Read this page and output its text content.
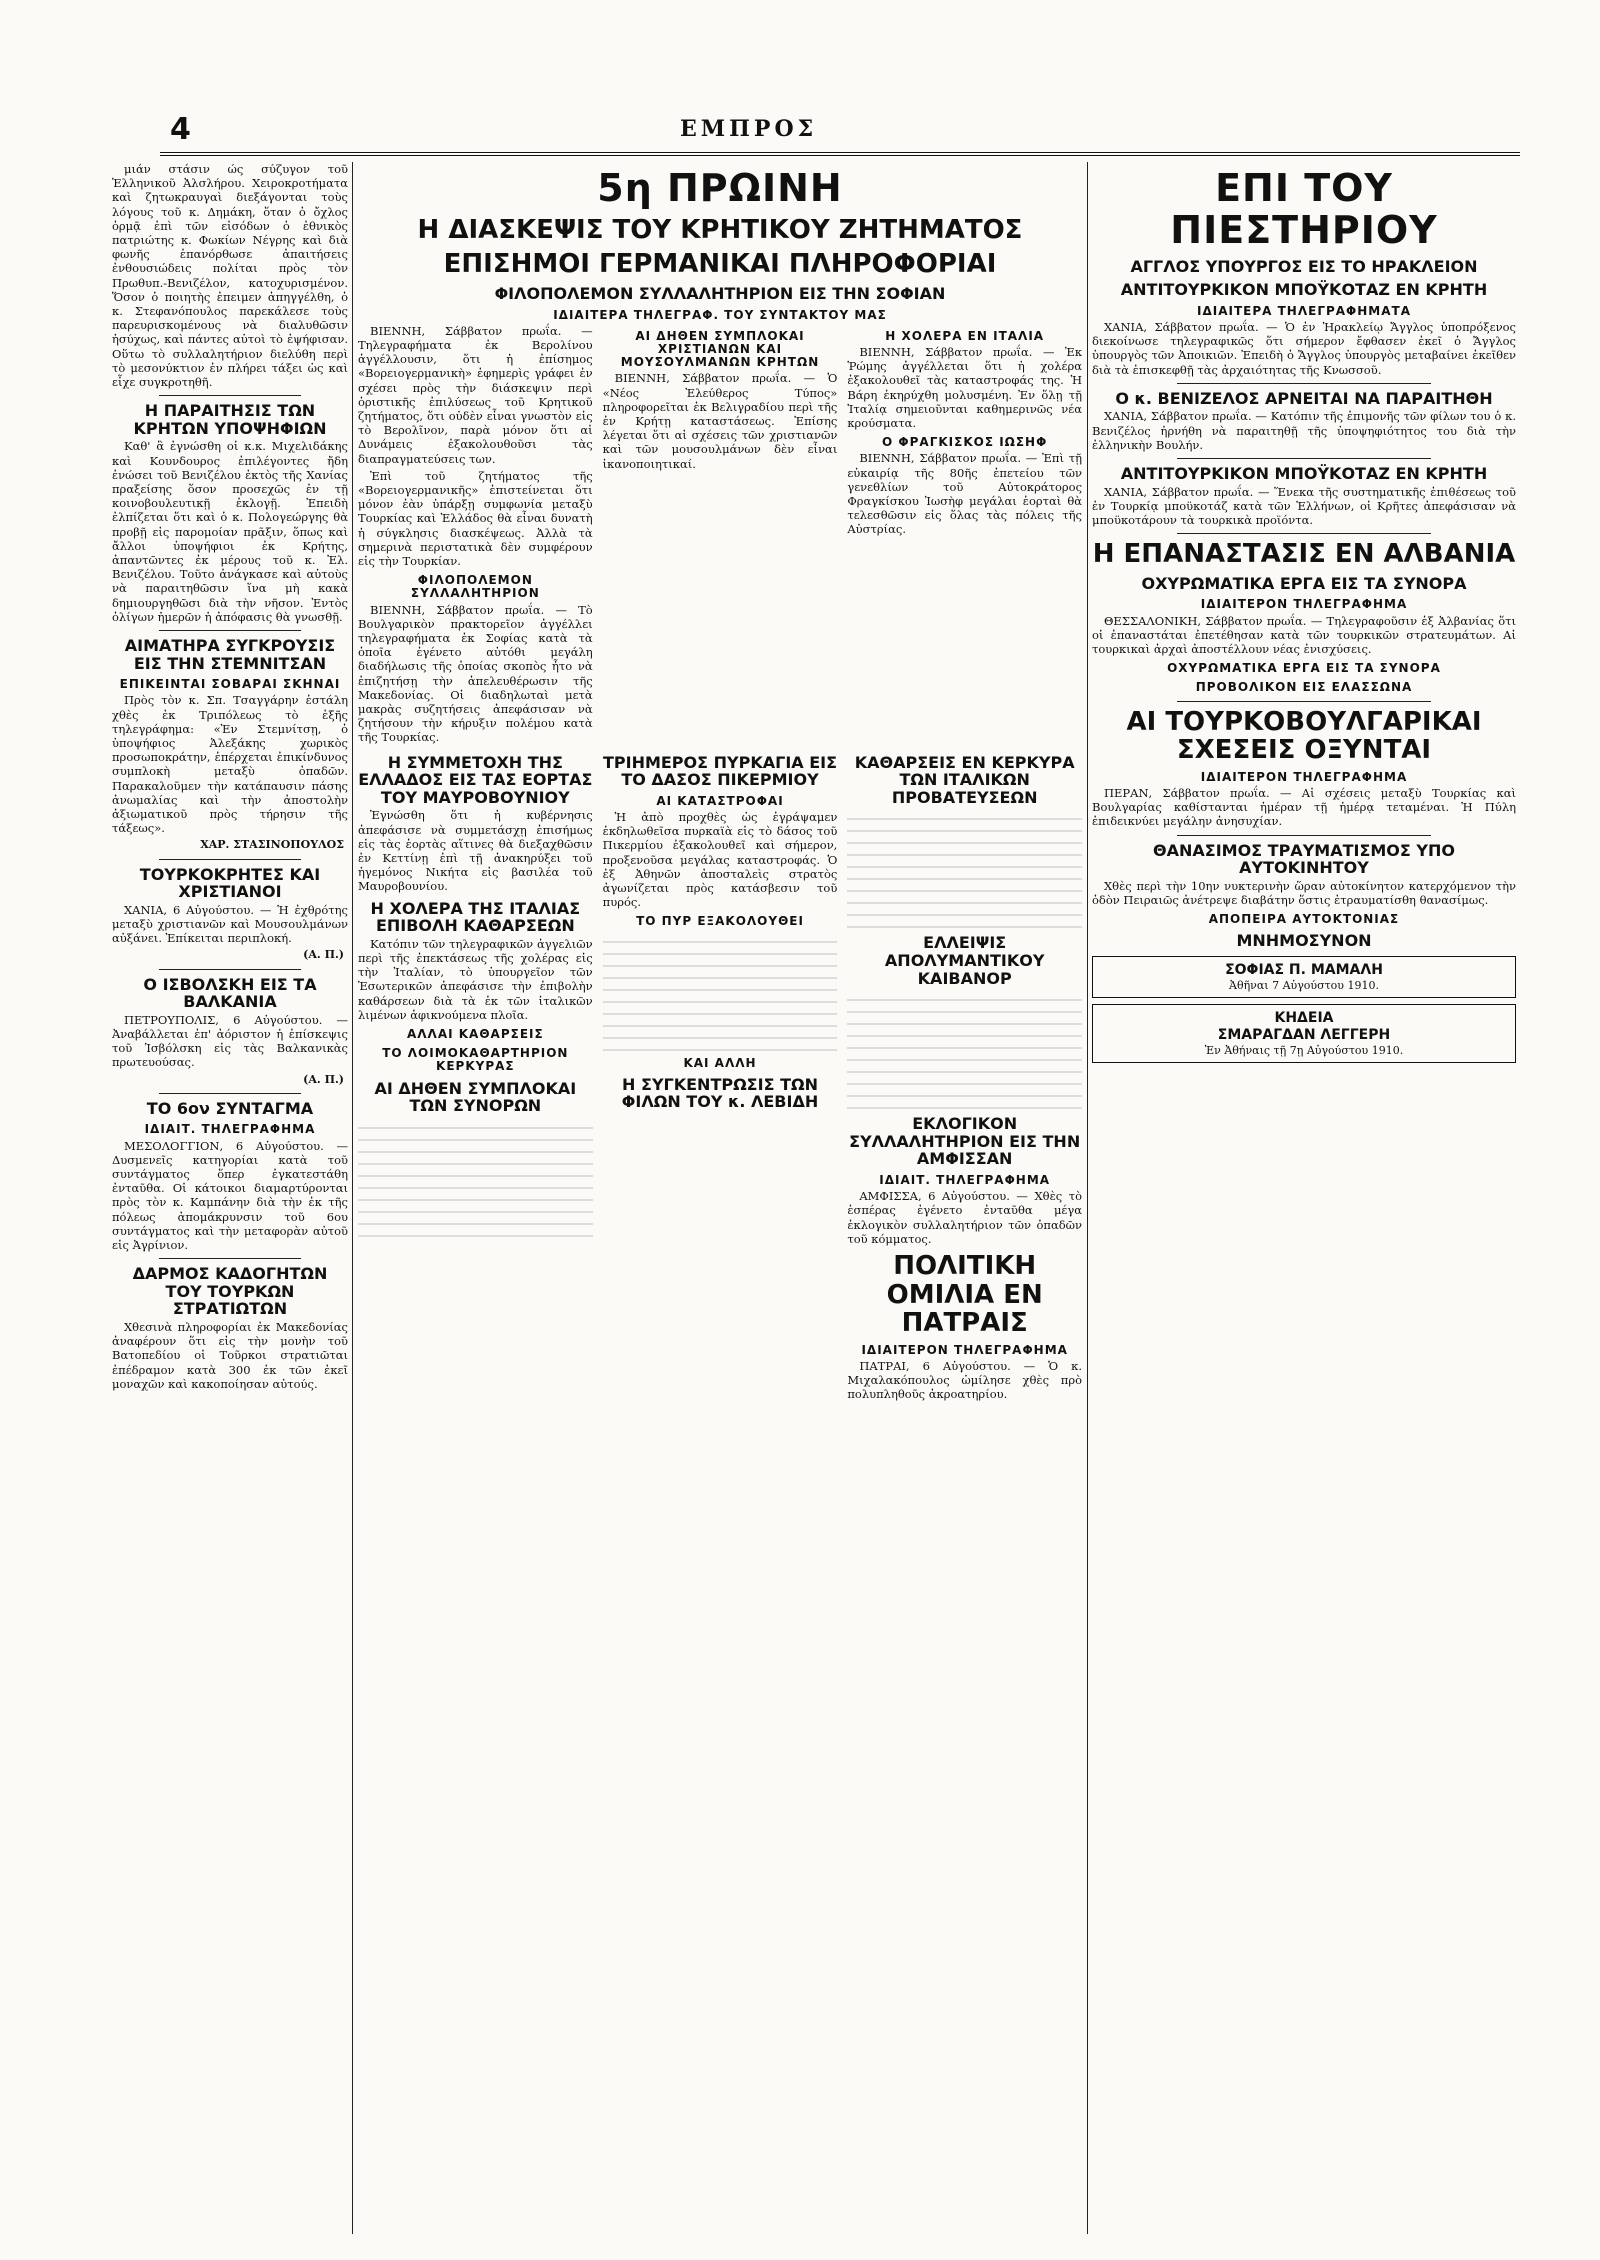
4	ΕΜΠΡΟΣ

μιάν στάσιν ώς σύζυγον τοῦ Ἑλληνικοῦ Ἀλσλήρου. Χειροκροτήματα καὶ ζητωκραυγαὶ διεξάγονται τοὺς λόγους τοῦ κ. Δημάκη, ὅταν ὁ ὄχλος ὁρμᾷ ἐπὶ τῶν εἰσόδων ὁ ἐθνικὸς πατριώτης κ. Φωκίων Νέγρης καὶ διὰ φωνῆς ἐπανόρθωσε ἀπαιτήσεις ἐνθουσιώδεις πολίται πρὸς τὸν Πρωθυπ.-Βενιζέλον, κατοχυρισμένον. Ὅσον ὁ ποιητὴς ἐπειμεν ἀπηγγέλθη, ὁ κ. Στεφανόπουλος παρεκάλεσε τοὺς παρευρισκομένους νὰ διαλυθῶσιν ἡσύχως, καὶ πάντες αὐτοὶ τὸ ἐψήφισαν. Οὕτω τὸ συλλαλητήριον διελύθη περὶ τὸ μεσονύκτιον ἐν πλήρει τάξει ὡς καὶ εἶχε συγκροτηθῆ.

Η ΠΑΡΑΙΤΗΣΙΣ ΤΩΝ ΚΡΗΤΩΝ ΥΠΟΨΗΦΙΩΝ

Καθ' ἃ ἐγνώσθη οἱ κ.κ. Μιχελιδάκης καὶ Κουνδουρος ἐπιλέγοντες ἤδη ἐνώσει τοῦ Βενιζέλου ἐκτὸς τῆς Χανίας πραξείσης ὅσον προσεχῶς ἐν τῇ κοινοβουλευτικῇ ἐκλογῇ. Ἐπειδὴ ἐλπίζεται ὅτι καὶ ὁ κ. Πολογεώργης θὰ προβῇ εἰς παρομοίαν πρᾶξιν, ὅπως καὶ ἄλλοι ὑποψήφιοι ἐκ Κρήτης, ἀπαντῶντες ἐκ μέρους τοῦ κ. Ἐλ. Βενιζέλου. Τοῦτο ἀνάγκασε καὶ αὐτοὺς νὰ παραιτηθῶσιν ἵνα μὴ κακὰ δημιουργηθῶσι διὰ τὴν νῆσον. Ἐντὸς ὀλίγων ἡμερῶν ἡ ἀπόφασις θὰ γνωσθῇ.

ΑΙΜΑΤΗΡΑ ΣΥΓΚΡΟΥΣΙΣ ΕΙΣ ΤΗΝ ΣΤΕΜΝΙΤΣΑΝ
ΕΠΙΚΕΙΝΤΑΙ ΣΟΒΑΡΑΙ ΣΚΗΝΑΙ

Πρὸς τὸν κ. Σπ. Τσαγγάρην ἐστάλη χθὲς ἐκ Τριπόλεως τὸ ἑξῆς τηλεγράφημα: «Ἐν Στεμνίτσῃ, ὁ ὑποψήφιος Ἀλεξάκης χωρικὸς προσωποκράτην, ἐπέρχεται ἐπικίνδυνος συμπλοκὴ μεταξὺ ὀπαδῶν. Παρακαλοῦμεν τὴν κατάπαυσιν πάσης ἀνωμαλίας καὶ τὴν ἀποστολὴν ἀξιωματικοῦ πρὸς τήρησιν τῆς τάξεως».

ΧΑΡ. ΣΤΑΣΙΝΟΠΟΥΛΟΣ
ΤΟΥΡΚΟΚΡΗΤΕΣ ΚΑΙ ΧΡΙΣΤΙΑΝΟΙ

ΧΑΝΙΑ, 6 Αὐγούστου. — Ἡ ἐχθρότης μεταξὺ χριστιανῶν καὶ Μουσουλμάνων αὐξάνει. Ἐπίκειται περιπλοκή.

(Α. Π.)
Ο ΙΣΒΟΛΣΚΗ ΕΙΣ ΤΑ ΒΑΛΚΑΝΙΑ

ΠΕΤΡΟΥΠΟΛΙΣ, 6 Αὐγούστου. — Ἀναβάλλεται ἐπ' ἀόριστον ἡ ἐπίσκεψις τοῦ Ἰσβόλσκη εἰς τὰς Βαλκανικὰς πρωτευούσας.

(Α. Π.)
ΤΟ 6ον ΣΥΝΤΑΓΜΑ
ΙΔΙΑΙΤ. ΤΗΛΕΓΡΑΦΗΜΑ

ΜΕΣΟΛΟΓΓΙΟΝ, 6 Αὐγούστου. — Δυσμενεῖς κατηγορίαι κατὰ τοῦ συντάγματος ὅπερ ἐγκατεστάθη ἐνταῦθα. Οἱ κάτοικοι διαμαρτύρονται πρὸς τὸν κ. Καμπάνην διὰ τὴν ἐκ τῆς πόλεως ἀπομάκρυνσιν τοῦ 6ου συντάγματος καὶ τὴν μεταφορὰν αὐτοῦ εἰς Ἀγρίνιον.

ΔΑΡΜΟΣ ΚΑΔΟΓΗΤΩΝ ΤΟΥ ΤΟΥΡΚΩΝ ΣΤΡΑΤΙΩΤΩΝ

Χθεσινὰ πληροφορίαι ἐκ Μακεδονίας ἀναφέρουν ὅτι εἰς τὴν μονὴν τοῦ Βατοπεδίου οἱ Τοῦρκοι στρατιῶται ἐπέδραμον κατὰ 300 ἐκ τῶν ἐκεῖ μοναχῶν καὶ κακοποίησαν αὐτούς.

5η ΠΡΩΙΝΗ
Η ΔΙΑΣΚΕΨΙΣ ΤΟΥ ΚΡΗΤΙΚΟΥ ΖΗΤΗΜΑΤΟΣ
ΕΠΙΣΗΜΟΙ ΓΕΡΜΑΝΙΚΑΙ ΠΛΗΡΟΦΟΡΙΑΙ
ΦΙΛΟΠΟΛΕΜΟΝ ΣΥΛΛΑΛΗΤΗΡΙΟΝ ΕΙΣ ΤΗΝ ΣΟΦΙΑΝ
ΙΔΙΑΙΤΕΡΑ ΤΗΛΕΓΡΑΦ. ΤΟΥ ΣΥΝΤΑΚΤΟΥ ΜΑΣ

ΒΙΕΝΝΗ, Σάββατον πρωΐα. — Τηλεγραφήματα ἐκ Βερολίνου ἀγγέλλουσιν, ὅτι ἡ ἐπίσημος «Βορειογερμανικὴ» ἐφημερὶς γράφει ἐν σχέσει πρὸς τὴν διάσκεψιν περὶ ὁριστικῆς ἐπιλύσεως τοῦ Κρητικοῦ ζητήματος, ὅτι οὐδὲν εἶναι γνωστὸν εἰς τὸ Βερολῖνον, παρὰ μόνον ὅτι αἱ Δυνάμεις ἐξακολουθοῦσι τὰς διαπραγματεύσεις των.

Ἐπὶ τοῦ ζητήματος τῆς «Βορειογερμανικῆς» ἐπιστείνεται ὅτι μόνον ἐὰν ὑπάρξῃ συμφωνία μεταξὺ Τουρκίας καὶ Ἑλλάδος θὰ εἶναι δυνατὴ ἡ σύγκλησις διασκέψεως. Ἀλλὰ τὰ σημερινὰ περιστατικὰ δὲν συμφέρουν εἰς τὴν Τουρκίαν.

ΦΙΛΟΠΟΛΕΜΟΝ ΣΥΛΛΑΛΗΤΗΡΙΟΝ

ΒΙΕΝΝΗ, Σάββατον πρωΐα. — Τὸ Βουλγαρικὸν πρακτορεῖον ἀγγέλλει τηλεγραφήματα ἐκ Σοφίας κατὰ τὰ ὁποῖα ἐγένετο αὐτόθι μεγάλη διαδήλωσις τῆς ὁποίας σκοπὸς ἦτο νὰ ἐπιζητήσῃ τὴν ἀπελευθέρωσιν τῆς Μακεδονίας. Οἱ διαδηλωταὶ μετὰ μακρὰς συζητήσεις ἀπεφάσισαν νὰ ζητήσουν τὴν κήρυξιν πολέμου κατὰ τῆς Τουρκίας.

ΑΙ ΔΗΘΕΝ ΣΥΜΠΛΟΚΑΙ ΧΡΙΣΤΙΑΝΩΝ ΚΑΙ ΜΟΥΣΟΥΛΜΑΝΩΝ ΚΡΗΤΩΝ

ΒΙΕΝΝΗ, Σάββατον πρωΐα. — Ὁ «Νέος Ἐλεύθερος Τύπος» πληροφορεῖται ἐκ Βελιγραδίου περὶ τῆς ἐν Κρήτῃ καταστάσεως. Ἐπίσης λέγεται ὅτι αἱ σχέσεις τῶν χριστιανῶν καὶ τῶν μουσουλμάνων δὲν εἶναι ἱκανοποιητικαί.

Η ΧΟΛΕΡΑ ΕΝ ΙΤΑΛΙΑ

ΒΙΕΝΝΗ, Σάββατον πρωΐα. — Ἐκ Ῥώμης ἀγγέλλεται ὅτι ἡ χολέρα ἐξακολουθεῖ τὰς καταστροφάς της. Ἡ Βάρη ἐκηρύχθη μολυσμένη. Ἐν ὅλῃ τῇ Ἰταλίᾳ σημειοῦνται καθημερινῶς νέα κρούσματα.

Ο ΦΡΑΓΚΙΣΚΟΣ ΙΩΣΗΦ

ΒΙΕΝΝΗ, Σάββατον πρωΐα. — Ἐπὶ τῇ εὐκαιρίᾳ τῆς 80ῆς ἐπετείου τῶν γενεθλίων τοῦ Αὐτοκράτορος Φραγκίσκου Ἰωσὴφ μεγάλαι ἑορταὶ θὰ τελεσθῶσιν εἰς ὅλας τὰς πόλεις τῆς Αὐστρίας.

Η ΣΥΜΜΕΤΟΧΗ ΤΗΣ ΕΛΛΑΔΟΣ ΕΙΣ ΤΑΣ ΕΟΡΤΑΣ ΤΟΥ ΜΑΥΡΟΒΟΥΝΙΟΥ

Ἐγνώσθη ὅτι ἡ κυβέρνησις ἀπεφάσισε νὰ συμμετάσχῃ ἐπισήμως εἰς τὰς ἑορτὰς αἵτινες θὰ διεξαχθῶσιν ἐν Κεττίνῃ ἐπὶ τῇ ἀνακηρύξει τοῦ ἡγεμόνος Νικήτα εἰς βασιλέα τοῦ Μαυροβουνίου.

Η ΧΟΛΕΡΑ ΤΗΣ ΙΤΑΛΙΑΣ ΕΠΙΒΟΛΗ ΚΑΘΑΡΣΕΩΝ

Κατόπιν τῶν τηλεγραφικῶν ἀγγελιῶν περὶ τῆς ἐπεκτάσεως τῆς χολέρας εἰς τὴν Ἰταλίαν, τὸ ὑπουργεῖον τῶν Ἐσωτερικῶν ἀπεφάσισε τὴν ἐπιβολὴν καθάρσεων διὰ τὰ ἐκ τῶν ἰταλικῶν λιμένων ἀφικνούμενα πλοῖα.

ΑΛΛΑΙ ΚΑΘΑΡΣΕΙΣ
ΤΟ ΛΟΙΜΟΚΑΘΑΡΤΗΡΙΟΝ ΚΕΡΚΥΡΑΣ
ΑΙ ΔΗΘΕΝ ΣΥΜΠΛΟΚΑΙ ΤΩΝ ΣΥΝΟΡΩΝ
ΤΡΙΗΜΕΡΟΣ ΠΥΡΚΑΓΙΑ ΕΙΣ ΤΟ ΔΑΣΟΣ ΠΙΚΕΡΜΙΟΥ
ΑΙ ΚΑΤΑΣΤΡΟΦΑΙ

Ἡ ἀπὸ προχθὲς ὡς ἐγράψαμεν ἐκδηλωθεῖσα πυρκαϊὰ εἰς τὸ δάσος τοῦ Πικερμίου ἐξακολουθεῖ καὶ σήμερον, προξενοῦσα μεγάλας καταστροφάς. Ὁ ἐξ Ἀθηνῶν ἀποσταλεὶς στρατὸς ἀγωνίζεται πρὸς κατάσβεσιν τοῦ πυρός.

ΤΟ ΠΥΡ ΕΞΑΚΟΛΟΥΘΕΙ
ΚΑΙ ΑΛΛΗ
Η ΣΥΓΚΕΝΤΡΩΣΙΣ ΤΩΝ ΦΙΛΩΝ ΤΟΥ κ. ΛΕΒΙΔΗ
ΚΑΘΑΡΣΕΙΣ ΕΝ ΚΕΡΚΥΡΑ ΤΩΝ ΙΤΑΛΙΚΩΝ ΠΡΟΒΑΤΕΥΣΕΩΝ
ΕΛΛΕΙΨΙΣ ΑΠΟΛΥΜΑΝΤΙΚΟΥ ΚΑΙΒΑΝΟΡ
ΕΚΛΟΓΙΚΟΝ ΣΥΛΛΑΛΗΤΗΡΙΟΝ ΕΙΣ ΤΗΝ ΑΜΦΙΣΣΑΝ
ΙΔΙΑΙΤ. ΤΗΛΕΓΡΑΦΗΜΑ

ΑΜΦΙΣΣΑ, 6 Αὐγούστου. — Χθὲς τὸ ἑσπέρας ἐγένετο ἐνταῦθα μέγα ἐκλογικὸν συλλαλητήριον τῶν ὀπαδῶν τοῦ κόμματος.

ΠΟΛΙΤΙΚΗ ΟΜΙΛΙΑ ΕΝ ΠΑΤΡΑΙΣ
ΙΔΙΑΙΤΕΡΟΝ ΤΗΛΕΓΡΑΦΗΜΑ

ΠΑΤΡΑΙ, 6 Αὐγούστου. — Ὁ κ. Μιχαλακόπουλος ὡμίλησε χθὲς πρὸ πολυπληθοῦς ἀκροατηρίου.

ΕΠΙ ΤΟΥ ΠΙΕΣΤΗΡΙΟΥ
ΑΓΓΛΟΣ ΥΠΟΥΡΓΟΣ ΕΙΣ ΤΟ ΗΡΑΚΛΕΙΟΝ
ΑΝΤΙΤΟΥΡΚΙΚΟΝ ΜΠΟΫΚΟΤΑΖ ΕΝ ΚΡΗΤΗ
ΙΔΙΑΙΤΕΡΑ ΤΗΛΕΓΡΑΦΗΜΑΤΑ

ΧΑΝΙΑ, Σάββατον πρωΐα. — Ὁ ἐν Ἡρακλείῳ Ἄγγλος ὑποπρόξενος διεκοίνωσε τηλεγραφικῶς ὅτι σήμερον ἔφθασεν ἐκεῖ ὁ Ἄγγλος ὑπουργὸς τῶν Ἀποικιῶν. Ἐπειδὴ ὁ Ἄγγλος ὑπουργὸς μεταβαίνει ἐκεῖθεν διὰ τὰ ἐπισκεφθῇ τὰς ἀρχαιότητας τῆς Κνωσσοῦ.

Ο κ. ΒΕΝΙΖΕΛΟΣ ΑΡΝΕΙΤΑΙ ΝΑ ΠΑΡΑΙΤΗΘΗ

ΧΑΝΙΑ, Σάββατον πρωΐα. — Κατόπιν τῆς ἐπιμονῆς τῶν φίλων του ὁ κ. Βενιζέλος ἠρνήθη νὰ παραιτηθῇ τῆς ὑποψηφιότητος του διὰ τὴν ἐλληνικὴν Βουλήν.

ΑΝΤΙΤΟΥΡΚΙΚΟΝ ΜΠΟΫΚΟΤΑΖ ΕΝ ΚΡΗΤΗ

ΧΑΝΙΑ, Σάββατον πρωΐα. — Ἕνεκα τῆς συστηματικῆς ἐπιθέσεως τοῦ ἐν Τουρκίᾳ μποϋκοτάζ κατὰ τῶν Ἑλλήνων, οἱ Κρῆτες ἀπεφάσισαν νὰ μποϋκοτάρουν τὰ τουρκικὰ προϊόντα.

Η ΕΠΑΝΑΣΤΑΣΙΣ ΕΝ ΑΛΒΑΝΙΑ
ΟΧΥΡΩΜΑΤΙΚΑ ΕΡΓΑ ΕΙΣ ΤΑ ΣΥΝΟΡΑ
ΙΔΙΑΙΤΕΡΟΝ ΤΗΛΕΓΡΑΦΗΜΑ

ΘΕΣΣΑΛΟΝΙΚΗ, Σάββατον πρωΐα. — Τηλεγραφοῦσιν ἐξ Ἀλβανίας ὅτι οἱ ἐπαναστάται ἐπετέθησαν κατὰ τῶν τουρκικῶν στρατευμάτων. Αἱ τουρκικαὶ ἀρχαὶ ἀποστέλλουν νέας ἐνισχύσεις.

ΟΧΥΡΩΜΑΤΙΚΑ ΕΡΓΑ ΕΙΣ ΤΑ ΣΥΝΟΡΑ
ΠΡΟΒΟΛΙΚΟΝ ΕΙΣ ΕΛΑΣΣΩΝΑ
ΑΙ ΤΟΥΡΚΟΒΟΥΛΓΑΡΙΚΑΙ ΣΧΕΣΕΙΣ ΟΞΥΝΤΑΙ
ΙΔΙΑΙΤΕΡΟΝ ΤΗΛΕΓΡΑΦΗΜΑ

ΠΕΡΑΝ, Σάββατον πρωΐα. — Αἱ σχέσεις μεταξὺ Τουρκίας καὶ Βουλγαρίας καθίστανται ἡμέραν τῇ ἡμέρᾳ τεταμέναι. Ἡ Πύλη ἐπιδεικνύει μεγάλην ἀνησυχίαν.

ΘΑΝΑΣΙΜΟΣ ΤΡΑΥΜΑΤΙΣΜΟΣ ΥΠΟ ΑΥΤΟΚΙΝΗΤΟΥ

Χθὲς περὶ τὴν 10ην νυκτερινὴν ὥραν αὐτοκίνητον κατερχόμενον τὴν ὁδὸν Πειραιῶς ἀνέτρεψε διαβάτην ὅστις ἐτραυματίσθη θανασίμως.

ΑΠΟΠΕΙΡΑ ΑΥΤΟΚΤΟΝΙΑΣ
ΜΝΗΜΟΣΥΝΟΝ
ΣΟΦΙΑΣ Π. ΜΑΜΑΛΗ
Ἀθῆναι 7 Αὐγούστου 1910.
ΚΗΔΕΙΑ
ΣΜΑΡΑΓΔΑΝ ΛΕΓΓΕΡΗ
Ἐν Ἀθήναις τῇ 7ῃ Αὐγούστου 1910.
